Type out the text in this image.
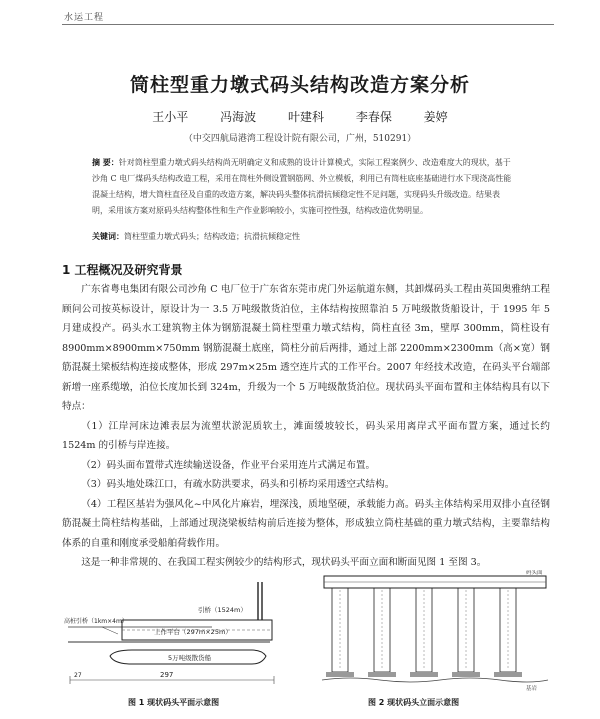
水运工程
筒柱型重力墩式码头结构改造方案分析
王小平	冯海波	叶建科	李春保	姜婷
（中交四航局港湾工程设计院有限公司，广州，510291）
摘 要：针对筒柱型重力墩式码头结构尚无明确定义和成熟的设计计算模式，实际工程案例少、改造难度大的现状，基于沙角 C 电厂煤码头结构改造工程，采用在筒柱外侧设置钢筋网、外立模板，利用已有筒柱底座基础进行水下现浇高性能混凝土结构，增大筒柱直径及自重的改造方案，解决码头整体抗滑抗倾稳定性不足问题，实现码头升级改造。结果表明，采用该方案对原码头结构整体性和生产作业影响较小，实施可控性强，结构改造优势明显。
关键词：筒柱型重力墩式码头；结构改造；抗滑抗倾稳定性
1 工程概况及研究背景

广东省粤电集团有限公司沙角 C 电厂位于广东省东莞市虎门外运航道东侧，其卸煤码头工程由英国奥雅纳工程顾问公司按英标设计，原设计为一 3.5 万吨级散货泊位，主体结构按照靠泊 5 万吨级散货船设计，于 1995 年 5 月建成投产。码头水工建筑物主体为钢筋混凝土筒柱型重力墩式结构，筒柱直径 3m，壁厚 300mm，筒柱设有 8900mm×8900mm×750mm 钢筋混凝土底座，筒柱分前后两排，通过上部 2200mm×2300mm（高×宽）钢筋混凝土梁板结构连接成整体，形成 297m×25m 透空连片式的工作平台。2007 年经技术改造，在码头平台端部新增一座系缆墩，泊位长度加长到 324m，升级为一个 5 万吨级散货泊位。现状码头平面布置和主体结构具有以下特点：

（1）江岸河床边滩表层为流塑状淤泥质软土，滩面缓坡较长，码头采用离岸式平面布置方案，通过长约 1524m 的引桥与岸连接。

（2）码头面布置带式连续输送设备，作业平台采用连片式满足布置。

（3）码头地处珠江口，有疏水防洪要求，码头和引桥均采用透空式结构。

（4）工程区基岩为强风化~中风化片麻岩，埋深浅，质地坚硬，承载能力高。码头主体结构采用双排小直径钢筋混凝土筒柱结构基础，上部通过现浇梁板结构前后连接为整体，形成独立筒柱基础的重力墩式结构，主要靠结构体系的自重和刚度承受船舶荷载作用。

这是一种非常规的、在我国工程实例较少的结构形式，现状码头平面立面和断面见图 1 至图 3。

引桥（1524m）
高桩引桥（1km×4m）
上作平台（297m×25m）
5万吨级散货船
297
27
码头面
基岩
图 1 现状码头平面示意图	图 2 现状码头立面示意图
